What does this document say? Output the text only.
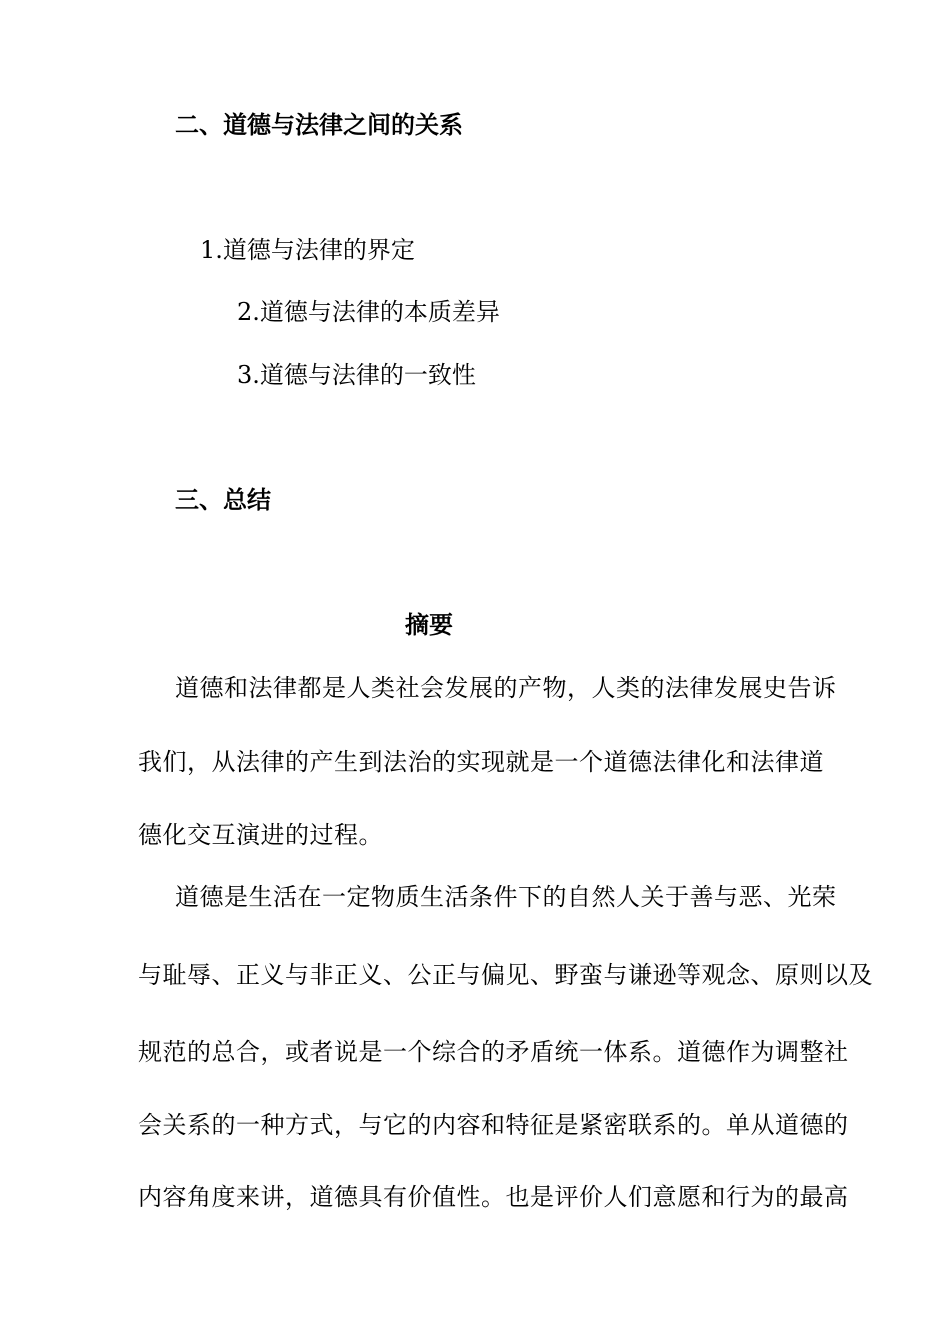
二、道德与法律之间的关系
1.道德与法律的界定
2.道德与法律的本质差异
3.道德与法律的一致性
三、总结
摘要
道德和法律都是人类社会发展的产物，人类的法律发展史告诉
我们，从法律的产生到法治的实现就是一个道德法律化和法律道
德化交互演进的过程。
道德是生活在一定物质生活条件下的自然人关于善与恶、光荣
与耻辱、正义与非正义、公正与偏见、野蛮与谦逊等观念、原则以及
规范的总合，或者说是一个综合的矛盾统一体系。道德作为调整社
会关系的一种方式，与它的内容和特征是紧密联系的。单从道德的
内容角度来讲，道德具有价值性。也是评价人们意愿和行为的最高
